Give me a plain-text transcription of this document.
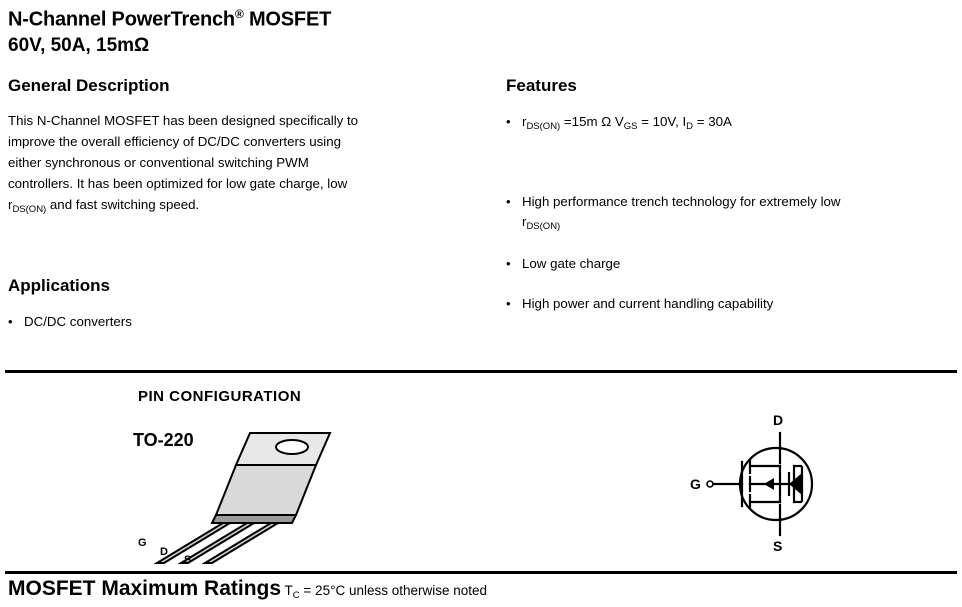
N-Channel PowerTrench® MOSFET
60V, 50A, 15mΩ
General Description
This N-Channel MOSFET has been designed specifically to
improve the overall efficiency of DC/DC converters using
either synchronous or conventional switching PWM
controllers. It has been optimized for low gate charge, low
$r_{DS(ON)}$ and fast switching speed.
Applications
• DC/DC converters
Features
• $r_{DS(ON)} =15m$ Ω $V_{GS} = 10V$, $I_D = 30A$
• High performance trench technology for extremely low
$r_{DS(ON)}$
• Low gate charge
• High power and current handling capability
PIN CONFIGURATION
TO-220
G
D
S
D
G
S
MOSFET Maximum Ratings $T_C = 25^\circ C$ unless otherwise noted
